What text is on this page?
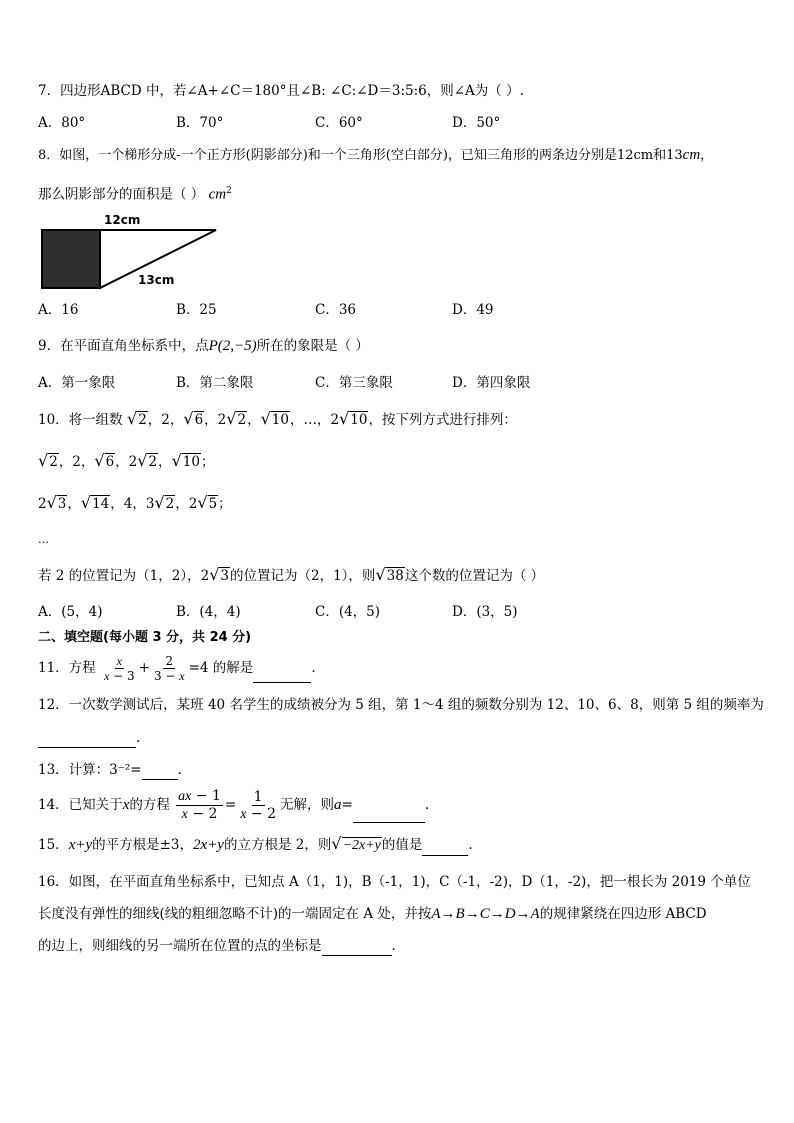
7．四边形ABCD 中，若∠A+∠C＝180°且∠B: ∠C:∠D＝3:5:6，则∠A为（ ）.
A．80°	B．70°	C．60°	D．50°
8．如图，一个梯形分成-一个正方形(阴影部分)和一个三角形(空白部分)，已知三角形的两条边分别是12cm和13cm，
那么阴影部分的面积是（ ） $cm^2$
12cm
13cm
A．16	B．25	C．36	D．49
9．在平面直角坐标系中，点P(2,−5)所在的象限是（ ）
A．第一象限	B．第二象限	C．第三象限	D．第四象限
10．将一组数 √2，2，√6，2√2，√10，…，2√10，按下列方式进行排列：
√2，2，√6，2√2，√10；
2√3，√14，4，3√2，2√5；
…
若 2 的位置记为（1，2），2√3的位置记为（2，1），则√38这个数的位置记为（ ）
A．(5，4)	B．(4，4)	C．(4，5)	D．(3，5)
二、填空题(每小题 3 分，共 24 分)
11．方程 $\frac{x}{x - 3} + \frac{2}{3 - x} =4$ 的解是	.
12．一次数学测试后，某班 40 名学生的成绩被分为 5 组，第 1～4 组的频数分别为 12、10、6、8，则第 5 组的频率为
.
13．计算：3⁻²=	.
14．已知关于x的方程 $\frac{ax - 1}{x - 2} = \frac{1}{x - 2}$ 无解，则a=	.
15．x+y的平方根是±3，2x+y的立方根是 2，则√−2x+y的值是	.
16．如图，在平面直角坐标系中，已知点 A（1，1)，B（-1，1)，C（-1，-2)，D（1，-2)，把一根长为 2019 个单位
长度没有弹性的细线(线的粗细忽略不计)的一端固定在 A 处，并按A→B→C→D→A的规律紧绕在四边形 ABCD
的边上，则细线的另一端所在位置的点的坐标是	.
